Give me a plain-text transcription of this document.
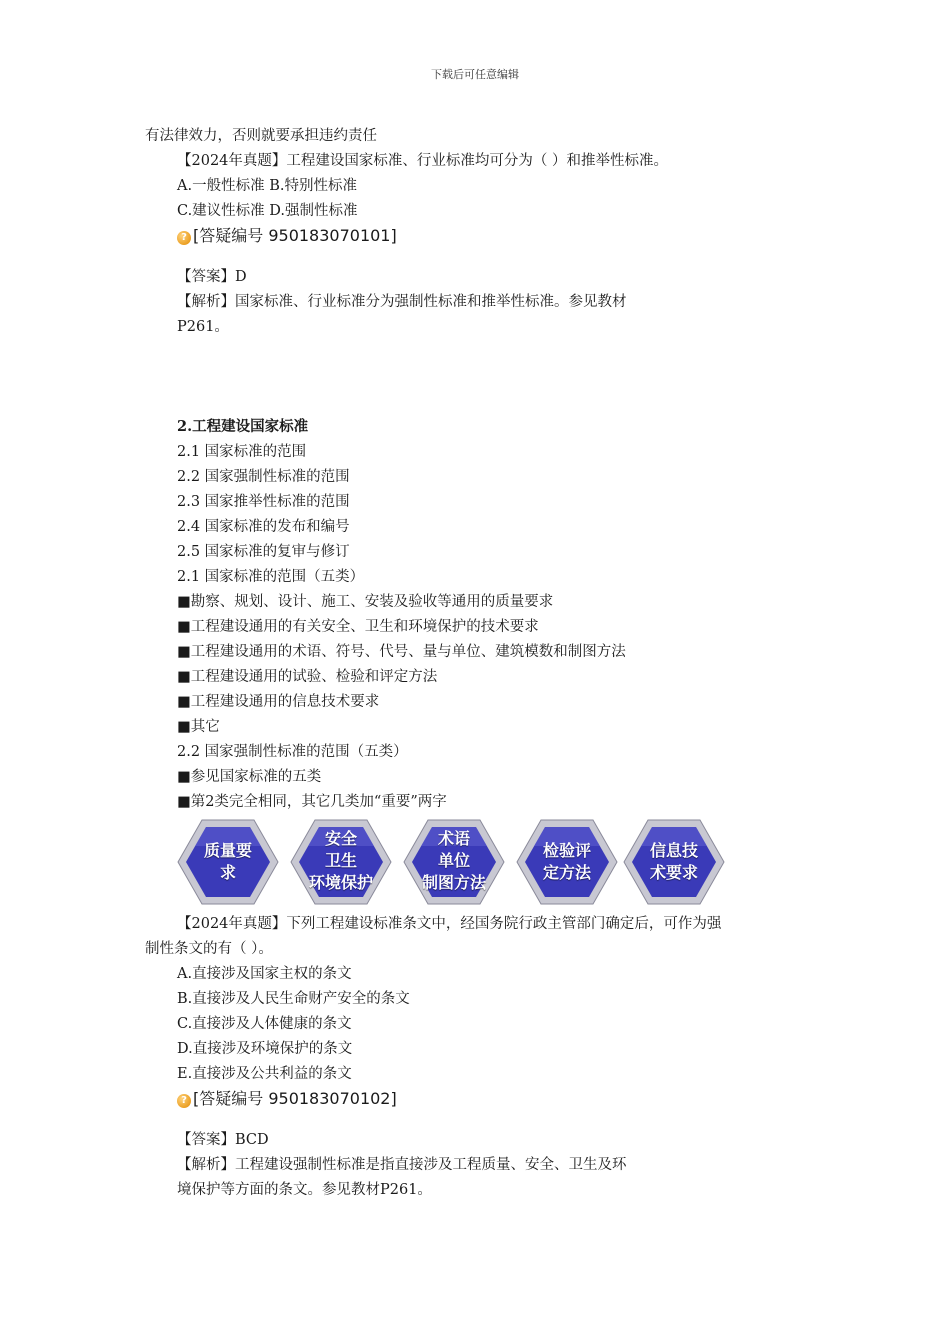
下载后可任意编辑
有法律效力，否则就要承担违约责任
【2024年真题】工程建设国家标准、行业标准均可分为（ ）和推举性标准。
A.一般性标准 B.特别性标准
C.建议性标准 D.强制性标准
? [答疑编号 950183070101]
【答案】D
【解析】国家标准、行业标准分为强制性标准和推举性标准。参见教材
P261。
2.工程建设国家标准
2.1 国家标准的范围
2.2 国家强制性标准的范围
2.3 国家推举性标准的范围
2.4 国家标准的发布和编号
2.5 国家标准的复审与修订
2.1 国家标准的范围（五类）
■勘察、规划、设计、施工、安装及验收等通用的质量要求
■工程建设通用的有关安全、卫生和环境保护的技术要求
■工程建设通用的术语、符号、代号、量与单位、建筑模数和制图方法
■工程建设通用的试验、检验和评定方法
■工程建设通用的信息技术要求
■其它
2.2 国家强制性标准的范围（五类）
■参见国家标准的五类
■第2类完全相同，其它几类加“重要”两字
质量要
求
安全
卫生
环境保护
术语
单位
制图方法
检验评
定方法
信息技
术要求
【2024年真题】下列工程建设标准条文中，经国务院行政主管部门确定后，可作为强
制性条文的有（ ）。
A.直接涉及国家主权的条文
B.直接涉及人民生命财产安全的条文
C.直接涉及人体健康的条文
D.直接涉及环境保护的条文
E.直接涉及公共利益的条文
? [答疑编号 950183070102]
【答案】BCD
【解析】工程建设强制性标准是指直接涉及工程质量、安全、卫生及环
境保护等方面的条文。参见教材P261。
